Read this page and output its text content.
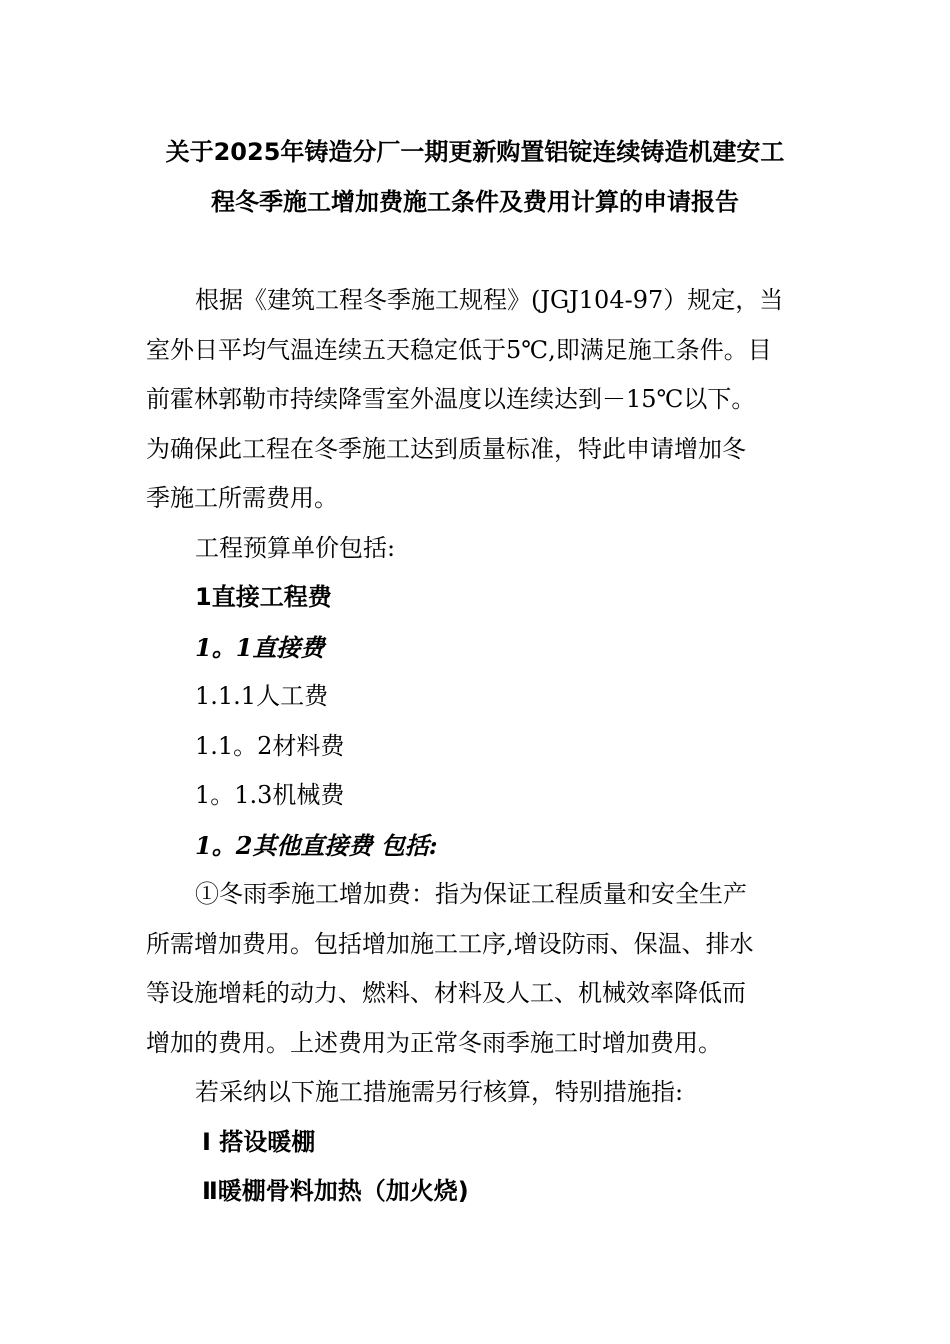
关于2025年铸造分厂一期更新购置铝锭连续铸造机建安工
程冬季施工增加费施工条件及费用计算的申请报告

根据《建筑工程冬季施工规程》(JGJ104-97）规定，当
室外日平均气温连续五天稳定低于5℃,即满足施工条件。目
前霍林郭勒市持续降雪室外温度以连续达到－15℃以下。
为确保此工程在冬季施工达到质量标准，特此申请增加冬
季施工所需费用。

工程预算单价包括:

1直接工程费

1。1直接费

1.1.1人工费

1.1。2材料费

1。1.3机械费

1。2其他直接费 包括:

①冬雨季施工增加费：指为保证工程质量和安全生产
所需增加费用。包括增加施工工序,增设防雨、保温、排水
等设施增耗的动力、燃料、材料及人工、机械效率降低而
增加的费用。上述费用为正常冬雨季施工时增加费用。

若采纳以下施工措施需另行核算，特别措施指:

Ⅰ 搭设暖棚

Ⅱ暖棚骨料加热（加火烧)
